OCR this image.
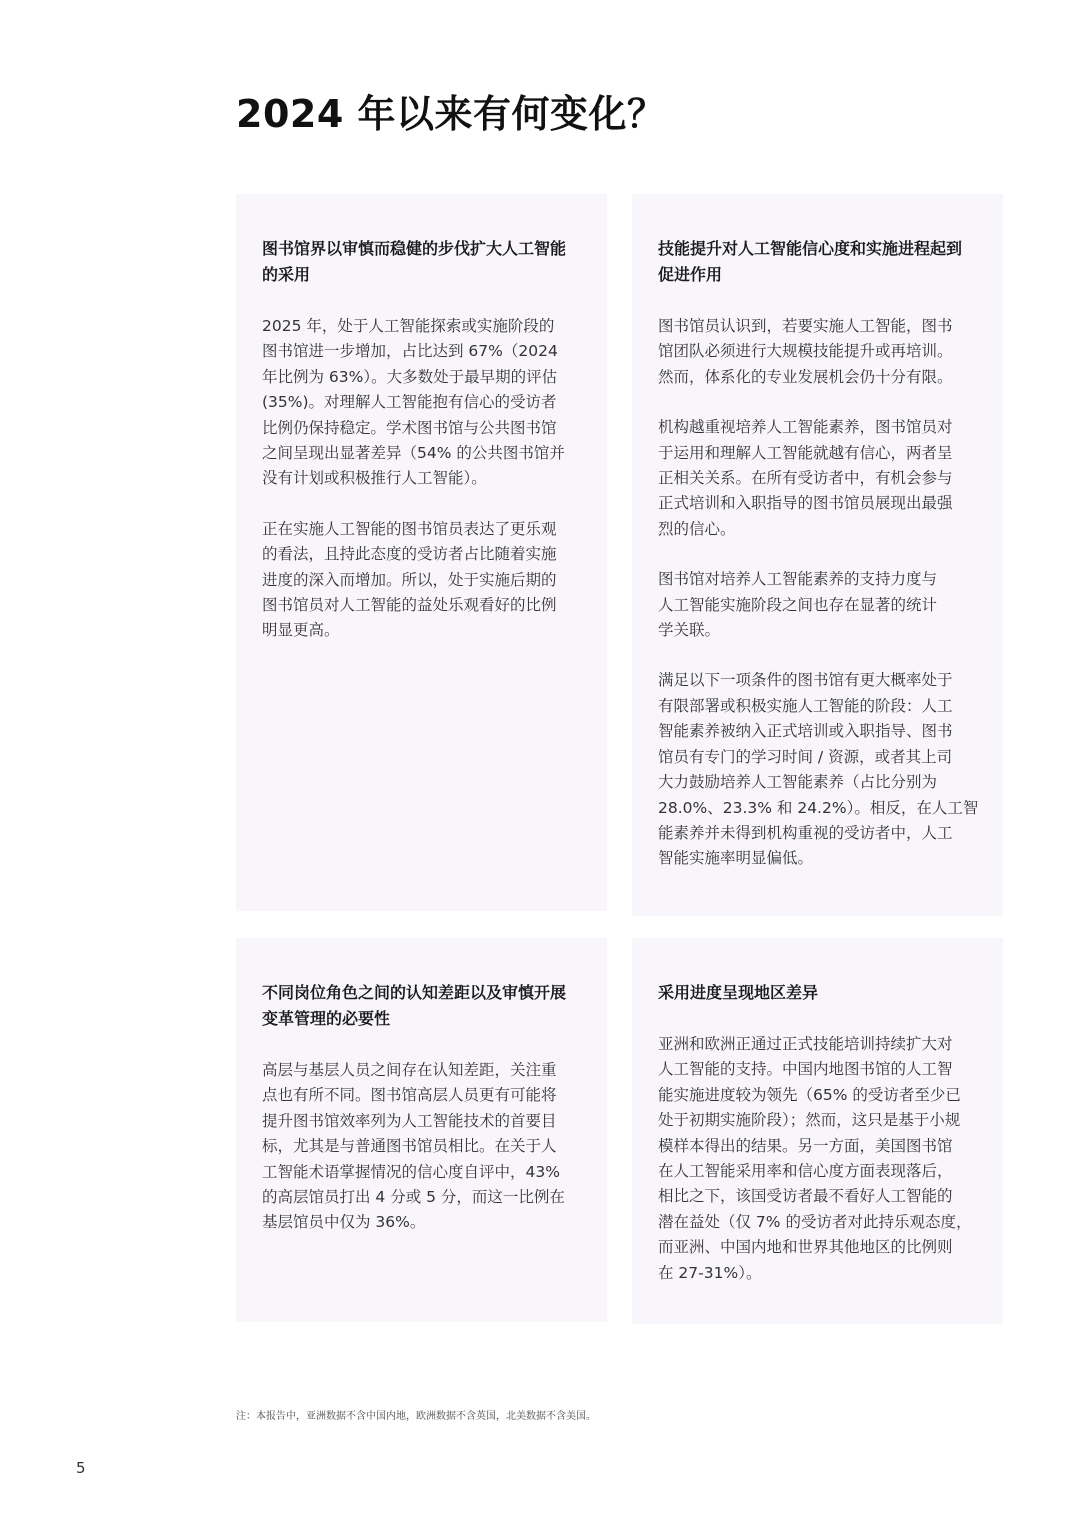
2024 年以来有何变化？
图书馆界以审慎而稳健的步伐扩大人工智能
的采用

2025 年，处于人工智能探索或实施阶段的
图书馆进一步增加，占比达到 67%（2024
年比例为 63%）。大多数处于最早期的评估
(35%)。对理解人工智能抱有信心的受访者
比例仍保持稳定。学术图书馆与公共图书馆
之间呈现出显著差异（54% 的公共图书馆并
没有计划或积极推行人工智能）。

正在实施人工智能的图书馆员表达了更乐观
的看法，且持此态度的受访者占比随着实施
进度的深入而增加。所以，处于实施后期的
图书馆员对人工智能的益处乐观看好的比例
明显更高。

技能提升对人工智能信心度和实施进程起到
促进作用

图书馆员认识到，若要实施人工智能，图书
馆团队必须进行大规模技能提升或再培训。
然而，体系化的专业发展机会仍十分有限。

机构越重视培养人工智能素养，图书馆员对
于运用和理解人工智能就越有信心，两者呈
正相关关系。在所有受访者中，有机会参与
正式培训和入职指导的图书馆员展现出最强
烈的信心。

图书馆对培养人工智能素养的支持力度与
人工智能实施阶段之间也存在显著的统计
学关联。

满足以下一项条件的图书馆有更大概率处于
有限部署或积极实施人工智能的阶段：人工
智能素养被纳入正式培训或入职指导、图书
馆员有专门的学习时间 / 资源，或者其上司
大力鼓励培养人工智能素养（占比分别为
28.0%、23.3% 和 24.2%）。相反，在人工智
能素养并未得到机构重视的受访者中，人工
智能实施率明显偏低。

不同岗位角色之间的认知差距以及审慎开展
变革管理的必要性

高层与基层人员之间存在认知差距，关注重
点也有所不同。图书馆高层人员更有可能将
提升图书馆效率列为人工智能技术的首要目
标，尤其是与普通图书馆员相比。在关于人
工智能术语掌握情况的信心度自评中，43%
的高层馆员打出 4 分或 5 分，而这一比例在
基层馆员中仅为 36%。

采用进度呈现地区差异

亚洲和欧洲正通过正式技能培训持续扩大对
人工智能的支持。中国内地图书馆的人工智
能实施进度较为领先（65% 的受访者至少已
处于初期实施阶段）；然而，这只是基于小规
模样本得出的结果。另一方面，美国图书馆
在人工智能采用率和信心度方面表现落后，
相比之下，该国受访者最不看好人工智能的
潜在益处（仅 7% 的受访者对此持乐观态度，
而亚洲、中国内地和世界其他地区的比例则
在 27-31%）。

注：本报告中，亚洲数据不含中国内地，欧洲数据不含英国，北美数据不含美国。
5
